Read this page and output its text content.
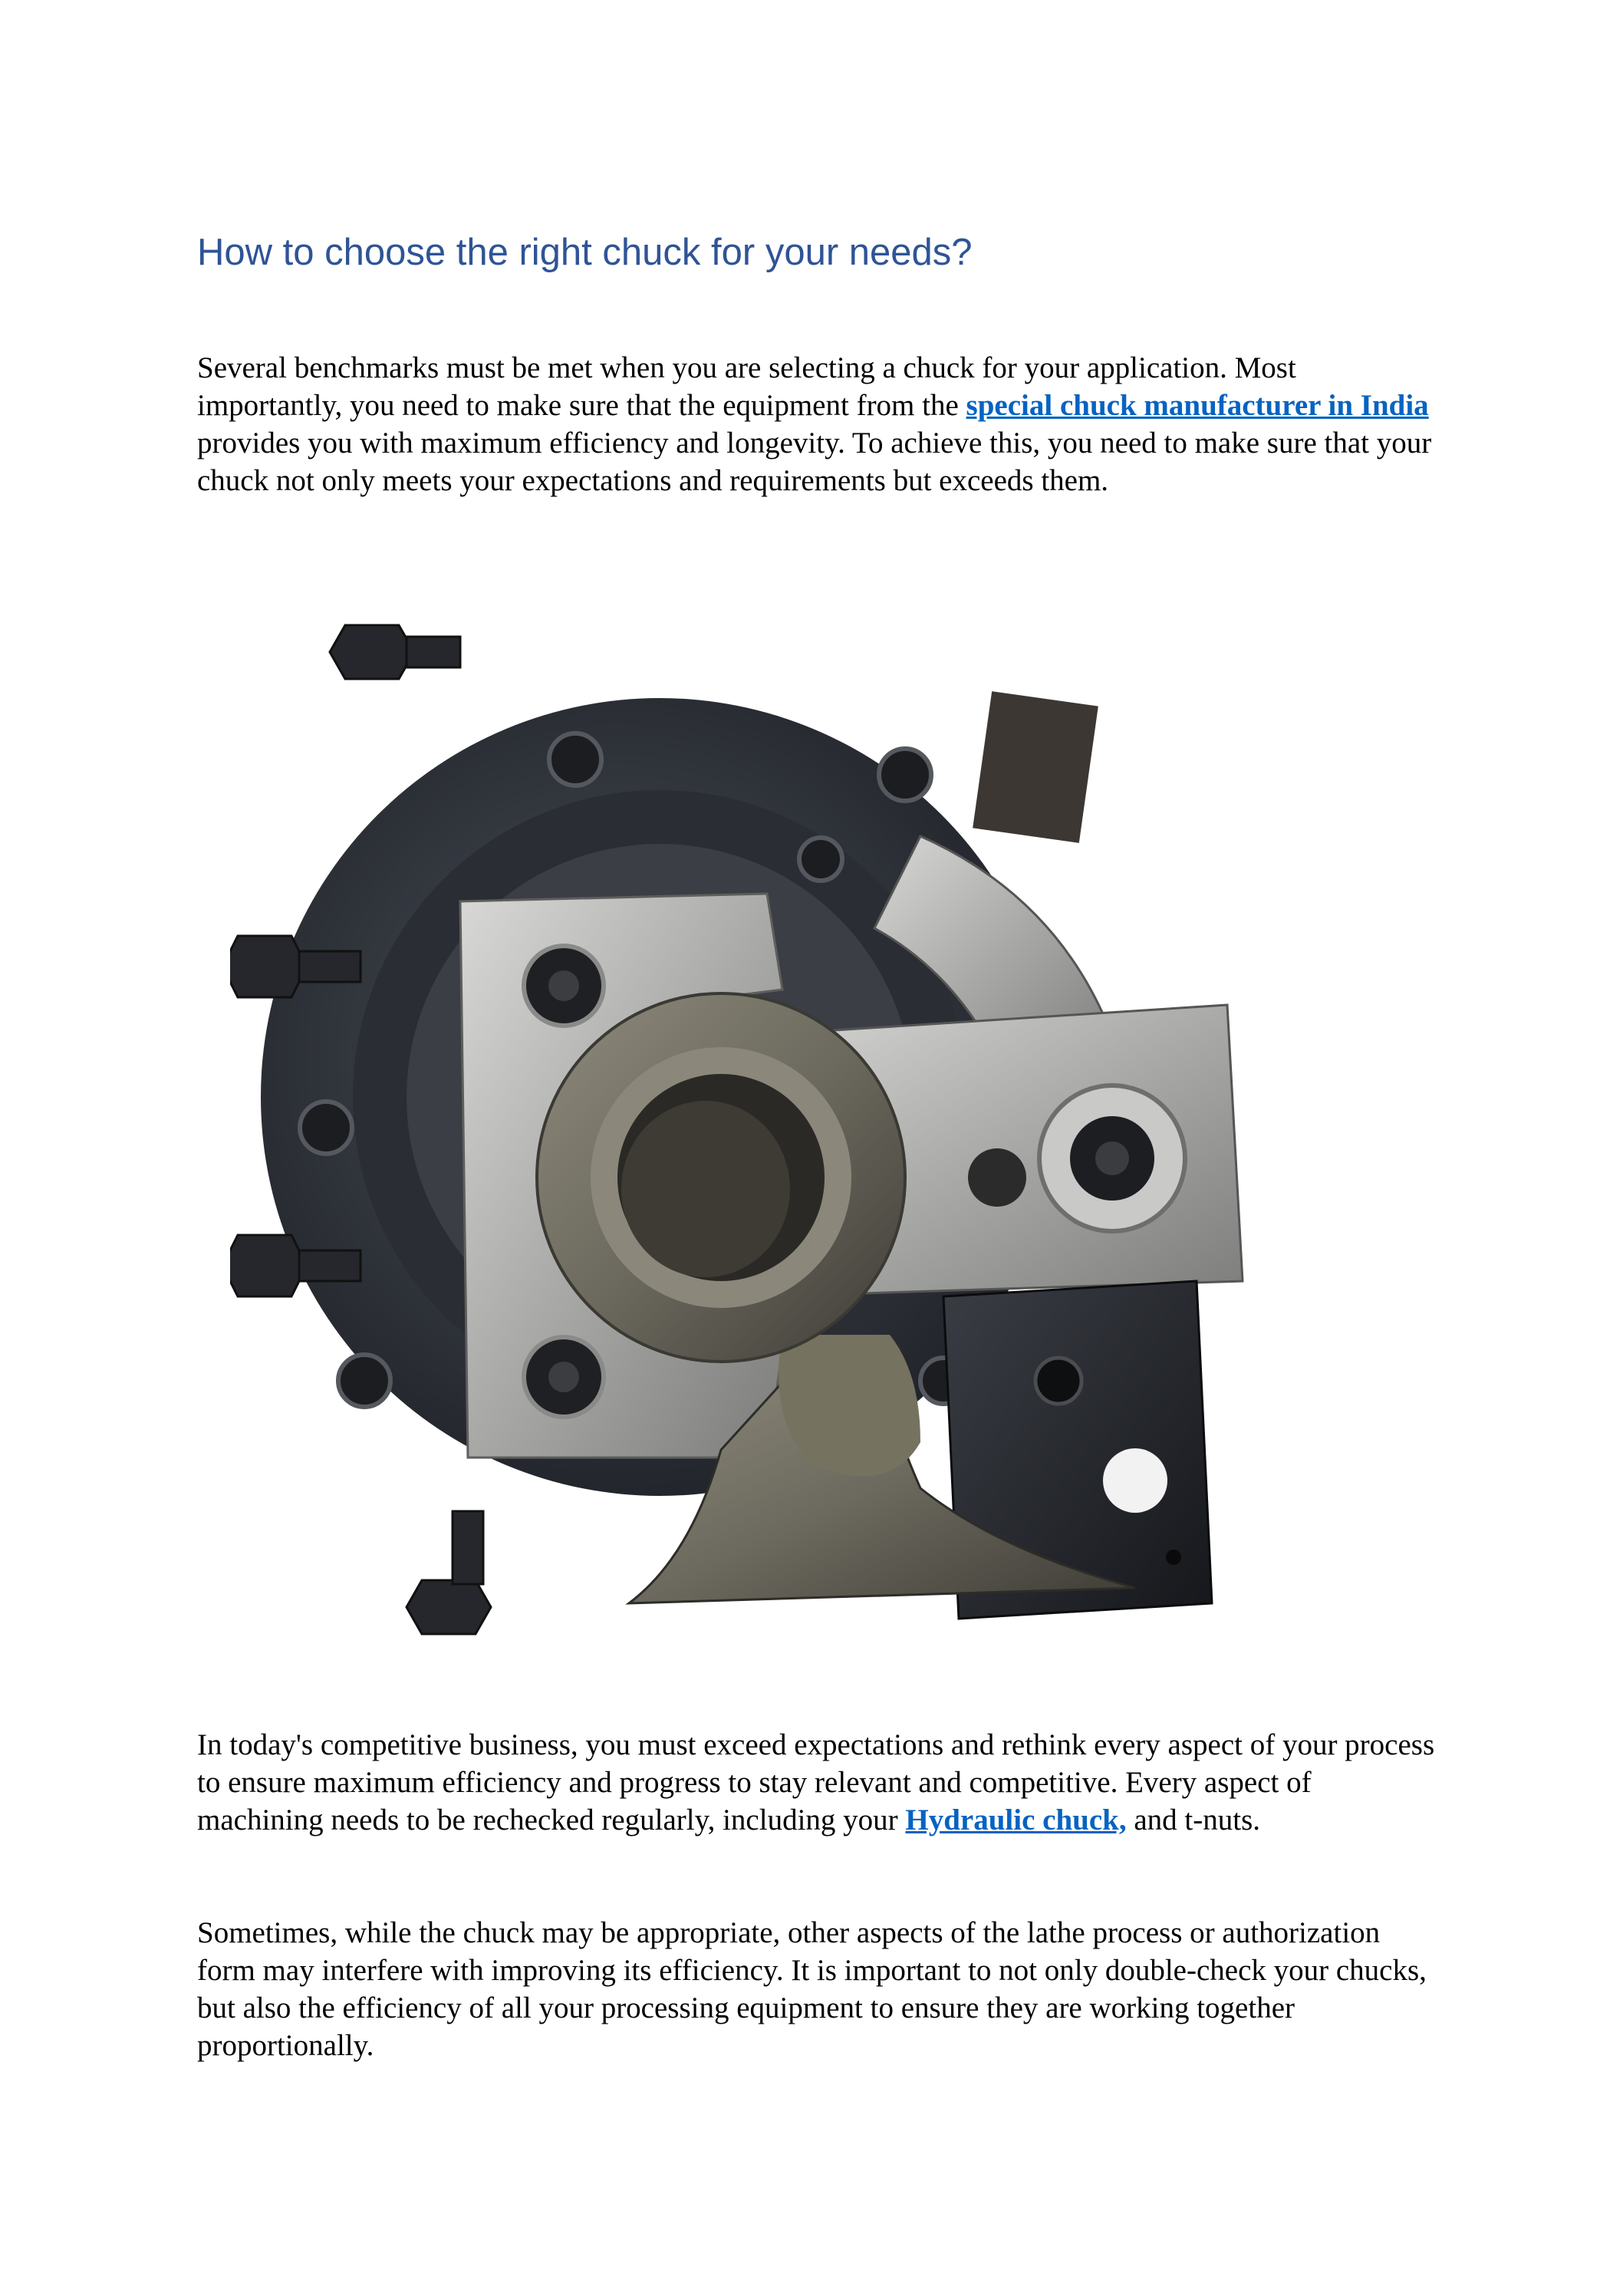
How to choose the right chuck for your needs?

Several benchmarks must be met when you are selecting a chuck for your application. Most importantly, you need to make sure that the equipment from the special chuck manufacturer in India provides you with maximum efficiency and longevity. To achieve this, you need to make sure that your chuck not only meets your expectations and requirements but exceeds them.

In today's competitive business, you must exceed expectations and rethink every aspect of your process to ensure maximum efficiency and progress to stay relevant and competitive. Every aspect of machining needs to be rechecked regularly, including your Hydraulic chuck, and t-nuts.

Sometimes, while the chuck may be appropriate, other aspects of the lathe process or authorization form may interfere with improving its efficiency. It is important to not only double-check your chucks, but also the efficiency of all your processing equipment to ensure they are working together proportionally.
